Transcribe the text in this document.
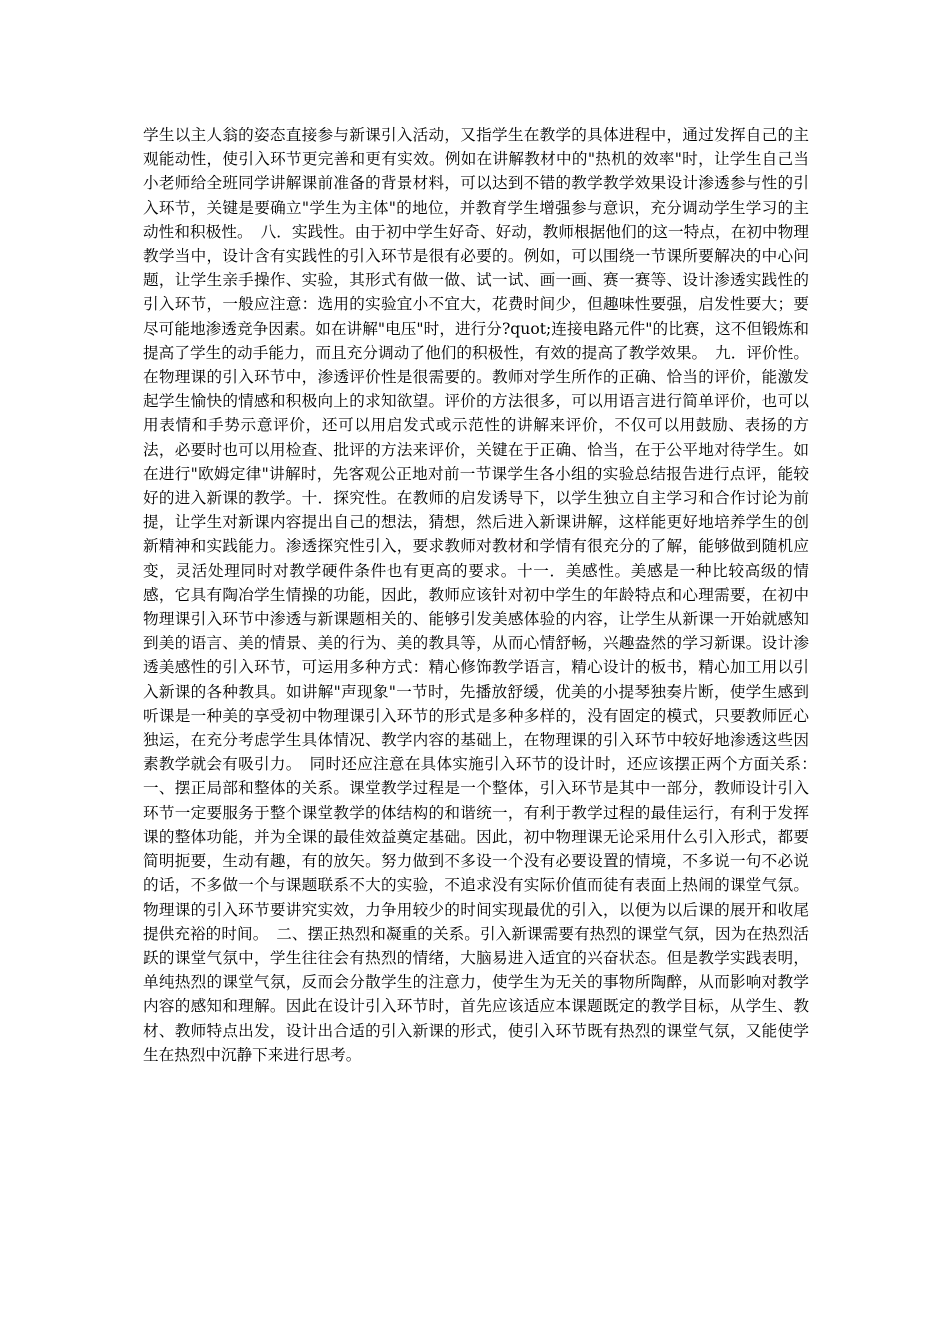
学生以主人翁的姿态直接参与新课引入活动，又指学生在教学的具体进程中，通过发挥自己的主观能动性，使引入环节更完善和更有实效。例如在讲解教材中的"热机的效率"时，让学生自己当小老师给全班同学讲解课前准备的背景材料，可以达到不错的教学教学效果设计渗透参与性的引入环节，关键是要确立"学生为主体"的地位，并教育学生增强参与意识，充分调动学生学习的主动性和积极性。　八．实践性。由于初中学生好奇、好动，教师根据他们的这一特点，在初中物理教学当中，设计含有实践性的引入环节是很有必要的。例如，可以围绕一节课所要解决的中心问题，让学生亲手操作、实验，其形式有做一做、试一试、画一画、赛一赛等、设计渗透实践性的引入环节，一般应注意：选用的实验宜小不宜大，花费时间少，但趣味性要强，启发性要大；要尽可能地渗透竞争因素。如在讲解"电压"时，进行分?quot;连接电路元件"的比赛，这不但锻炼和提高了学生的动手能力，而且充分调动了他们的积极性，有效的提高了教学效果。　九．评价性。在物理课的引入环节中，渗透评价性是很需要的。教师对学生所作的正确、恰当的评价，能激发起学生愉快的情感和积极向上的求知欲望。评价的方法很多，可以用语言进行简单评价，也可以用表情和手势示意评价，还可以用启发式或示范性的讲解来评价，不仅可以用鼓励、表扬的方法，必要时也可以用检查、批评的方法来评价，关键在于正确、恰当，在于公平地对待学生。如在进行"欧姆定律"讲解时，先客观公正地对前一节课学生各小组的实验总结报告进行点评，能较好的进入新课的教学。十．探究性。在教师的启发诱导下，以学生独立自主学习和合作讨论为前提，让学生对新课内容提出自己的想法，猜想，然后进入新课讲解，这样能更好地培养学生的创新精神和实践能力。渗透探究性引入，要求教师对教材和学情有很充分的了解，能够做到随机应变，灵活处理同时对教学硬件条件也有更高的要求。十一．美感性。美感是一种比较高级的情感，它具有陶冶学生情操的功能，因此，教师应该针对初中学生的年龄特点和心理需要，在初中物理课引入环节中渗透与新课题相关的、能够引发美感体验的内容，让学生从新课一开始就感知到美的语言、美的情景、美的行为、美的教具等，从而心情舒畅，兴趣盎然的学习新课。设计渗透美感性的引入环节，可运用多种方式：精心修饰教学语言，精心设计的板书，精心加工用以引入新课的各种教具。如讲解"声现象"一节时，先播放舒缓，优美的小提琴独奏片断，使学生感到听课是一种美的享受初中物理课引入环节的形式是多种多样的，没有固定的模式，只要教师匠心独运，在充分考虑学生具体情况、教学内容的基础上，在物理课的引入环节中较好地渗透这些因素教学就会有吸引力。　同时还应注意在具体实施引入环节的设计时，还应该摆正两个方面关系：　一、摆正局部和整体的关系。课堂教学过程是一个整体，引入环节是其中一部分，教师设计引入环节一定要服务于整个课堂教学的体结构的和谐统一，有利于教学过程的最佳运行，有利于发挥课的整体功能，并为全课的最佳效益奠定基础。因此，初中物理课无论采用什么引入形式，都要简明扼要，生动有趣，有的放矢。努力做到不多设一个没有必要设置的情境，不多说一句不必说的话，不多做一个与课题联系不大的实验，不追求没有实际价值而徒有表面上热闹的课堂气氛。物理课的引入环节要讲究实效，力争用较少的时间实现最优的引入，以便为以后课的展开和收尾提供充裕的时间。　二、摆正热烈和凝重的关系。引入新课需要有热烈的课堂气氛，因为在热烈活跃的课堂气氛中，学生往往会有热烈的情绪，大脑易进入适宜的兴奋状态。但是教学实践表明，单纯热烈的课堂气氛，反而会分散学生的注意力，使学生为无关的事物所陶醉，从而影响对教学内容的感知和理解。因此在设计引入环节时，首先应该适应本课题既定的教学目标，从学生、教材、教师特点出发，设计出合适的引入新课的形式，使引入环节既有热烈的课堂气氛，又能使学生在热烈中沉静下来进行思考。
